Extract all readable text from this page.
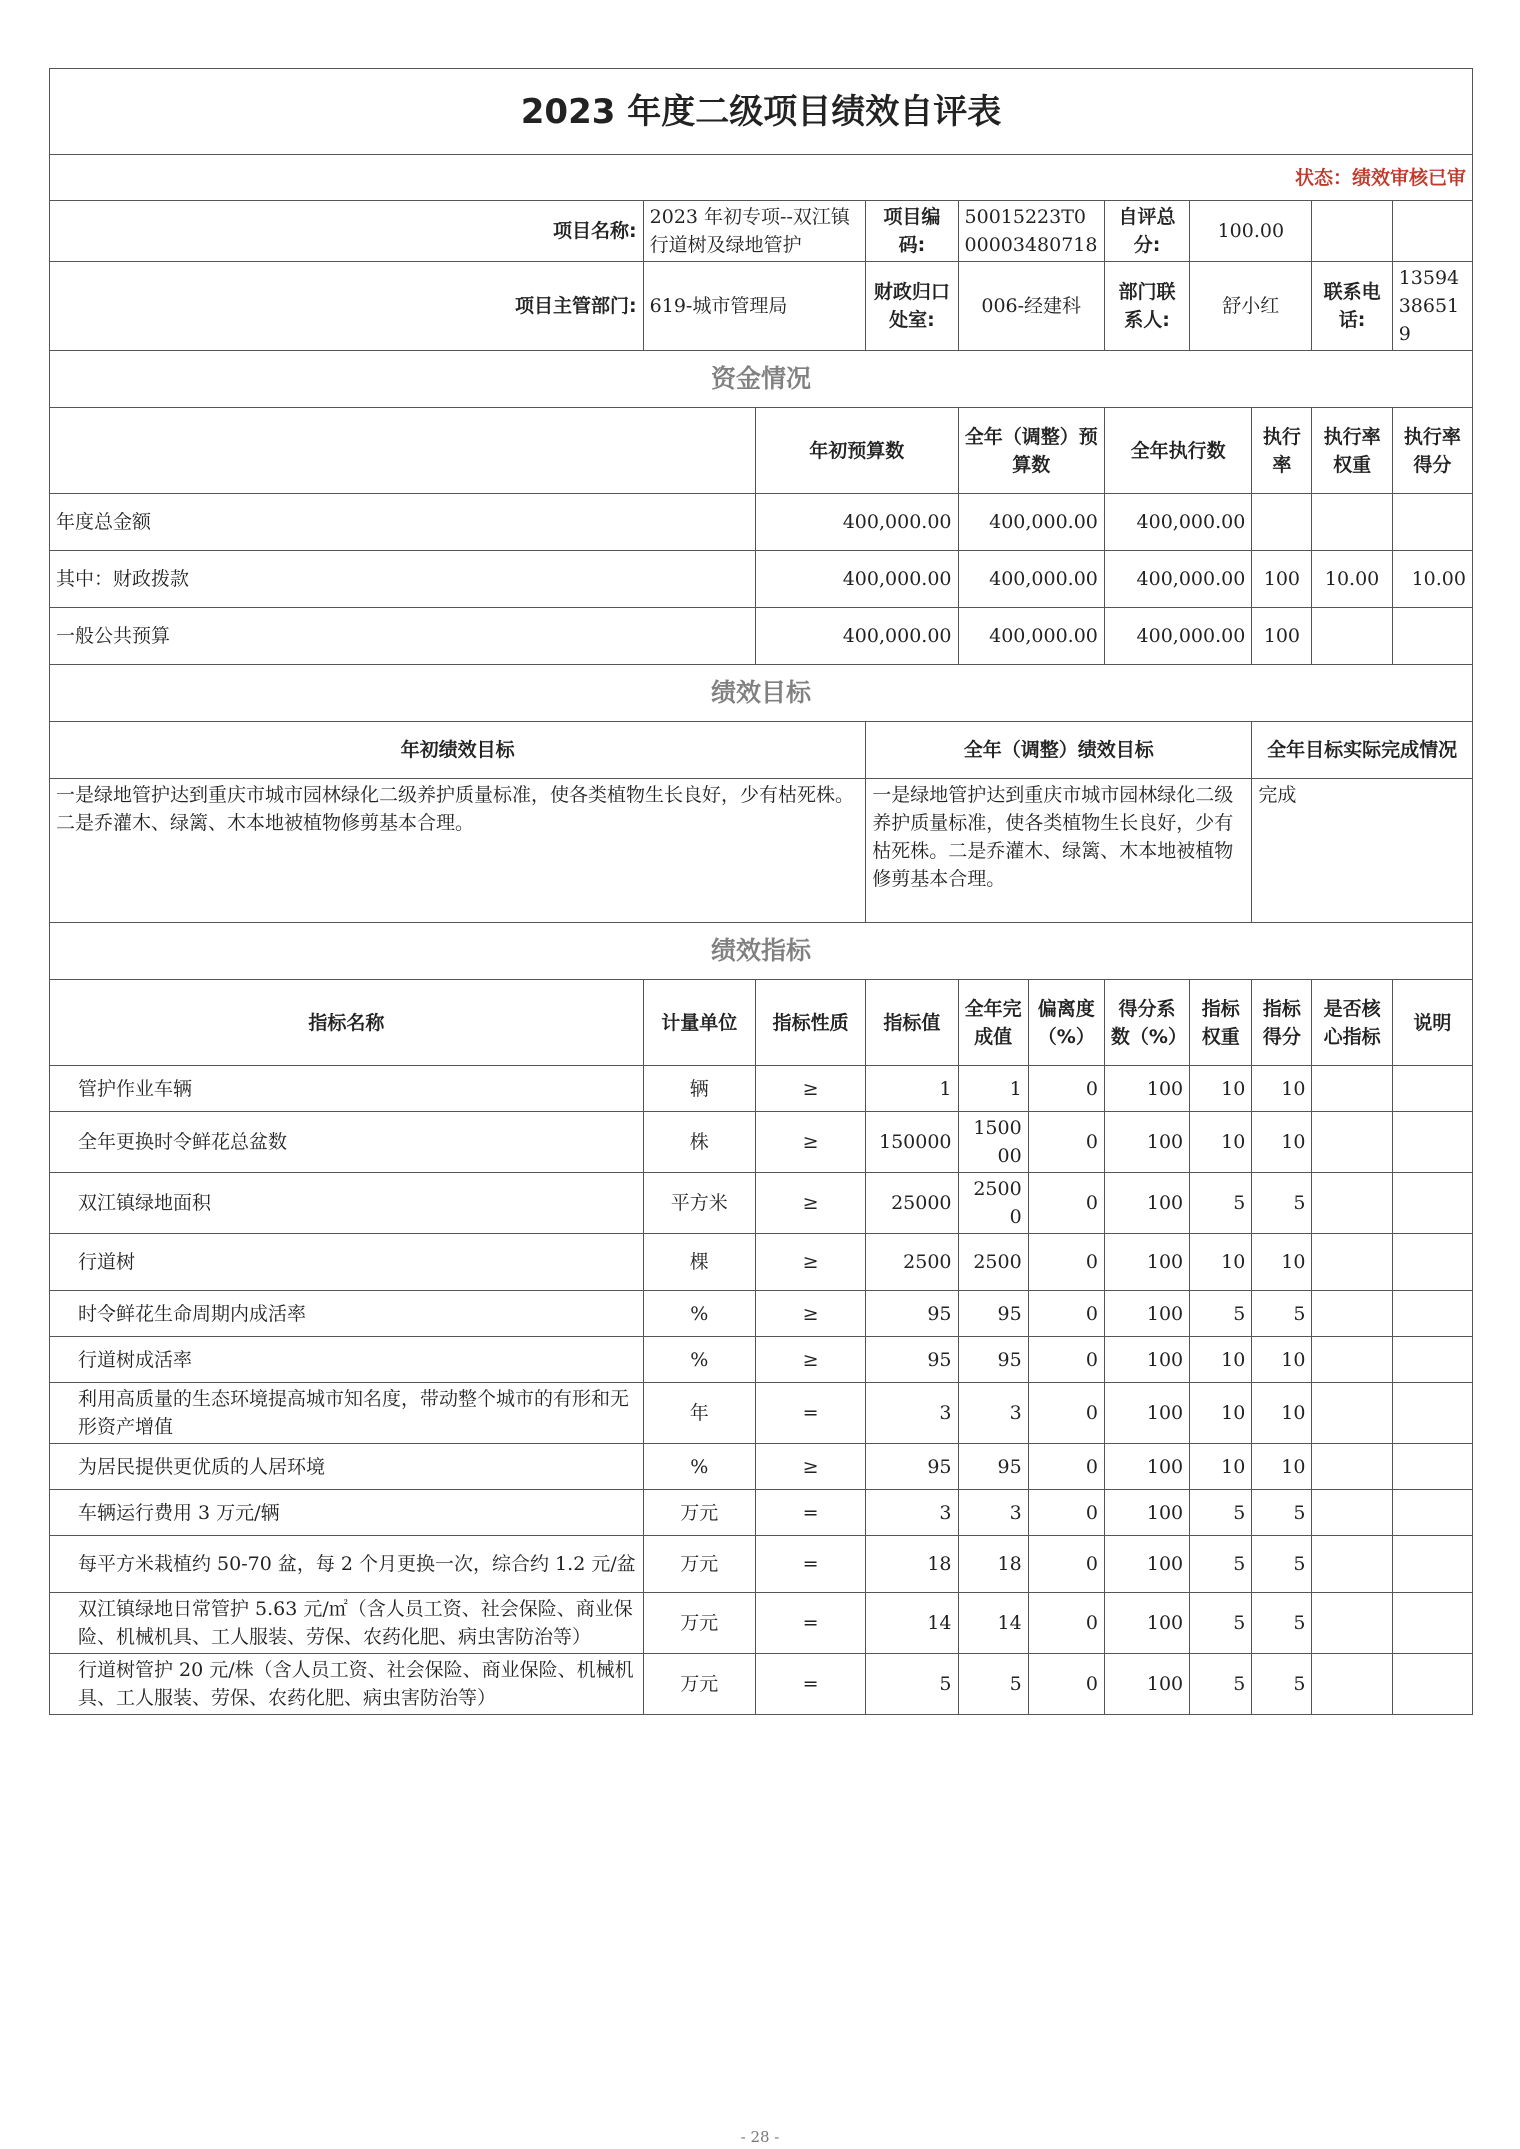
2023 年度二级项目绩效自评表										
状态：绩效审核已审										
项目名称:	2023 年初专项--双江镇行道树及绿地管护		项目编码:	50015223T000003480718		自评总分:	100.00			
项目主管部门:	619-城市管理局		财政归口处室:	006-经建科		部门联系人:	舒小红		联系电话:	13594386519
资金情况										
		年初预算数		全年（调整）预算数		全年执行数		执行率	执行率权重	执行率得分
年度总金额		400,000.00		400,000.00		400,000.00				
其中：财政拨款		400,000.00		400,000.00		400,000.00		100	10.00	10.00
一般公共预算		400,000.00		400,000.00		400,000.00		100		
绩效目标										
年初绩效目标			全年（调整）绩效目标					全年目标实际完成情况		
一是绿地管护达到重庆市城市园林绿化二级养护质量标准，使各类植物生长良好，少有枯死株。二是乔灌木、绿篱、木本地被植物修剪基本合理。			一是绿地管护达到重庆市城市园林绿化二级养护质量标准，使各类植物生长良好，少有枯死株。二是乔灌木、绿篱、木本地被植物修剪基本合理。					完成		
绩效指标										
指标名称	计量单位	指标性质	指标值	全年完成值	偏离度（%）	得分系数（%）	指标权重	指标得分	是否核心指标	说明
管护作业车辆	辆	≥	1	1	0	100	10	10		
全年更换时令鲜花总盆数	株	≥	150000	150000	0	100	10	10		
双江镇绿地面积	平方米	≥	25000	25000	0	100	5	5		
行道树	棵	≥	2500	2500	0	100	10	10		
时令鲜花生命周期内成活率	%	≥	95	95	0	100	5	5		
行道树成活率	%	≥	95	95	0	100	10	10		
利用高质量的生态环境提高城市知名度，带动整个城市的有形和无形资产增值	年	=	3	3	0	100	10	10		
为居民提供更优质的人居环境	%	≥	95	95	0	100	10	10		
车辆运行费用 3 万元/辆	万元	=	3	3	0	100	5	5		
每平方米栽植约 50-70 盆，每 2 个月更换一次，综合约 1.2 元/盆	万元	=	18	18	0	100	5	5		
双江镇绿地日常管护 5.63 元/㎡（含人员工资、社会保险、商业保险、机械机具、工人服装、劳保、农药化肥、病虫害防治等）	万元	=	14	14	0	100	5	5		
行道树管护 20 元/株（含人员工资、社会保险、商业保险、机械机具、工人服装、劳保、农药化肥、病虫害防治等）	万元	=	5	5	0	100	5	5		
- 28 -
